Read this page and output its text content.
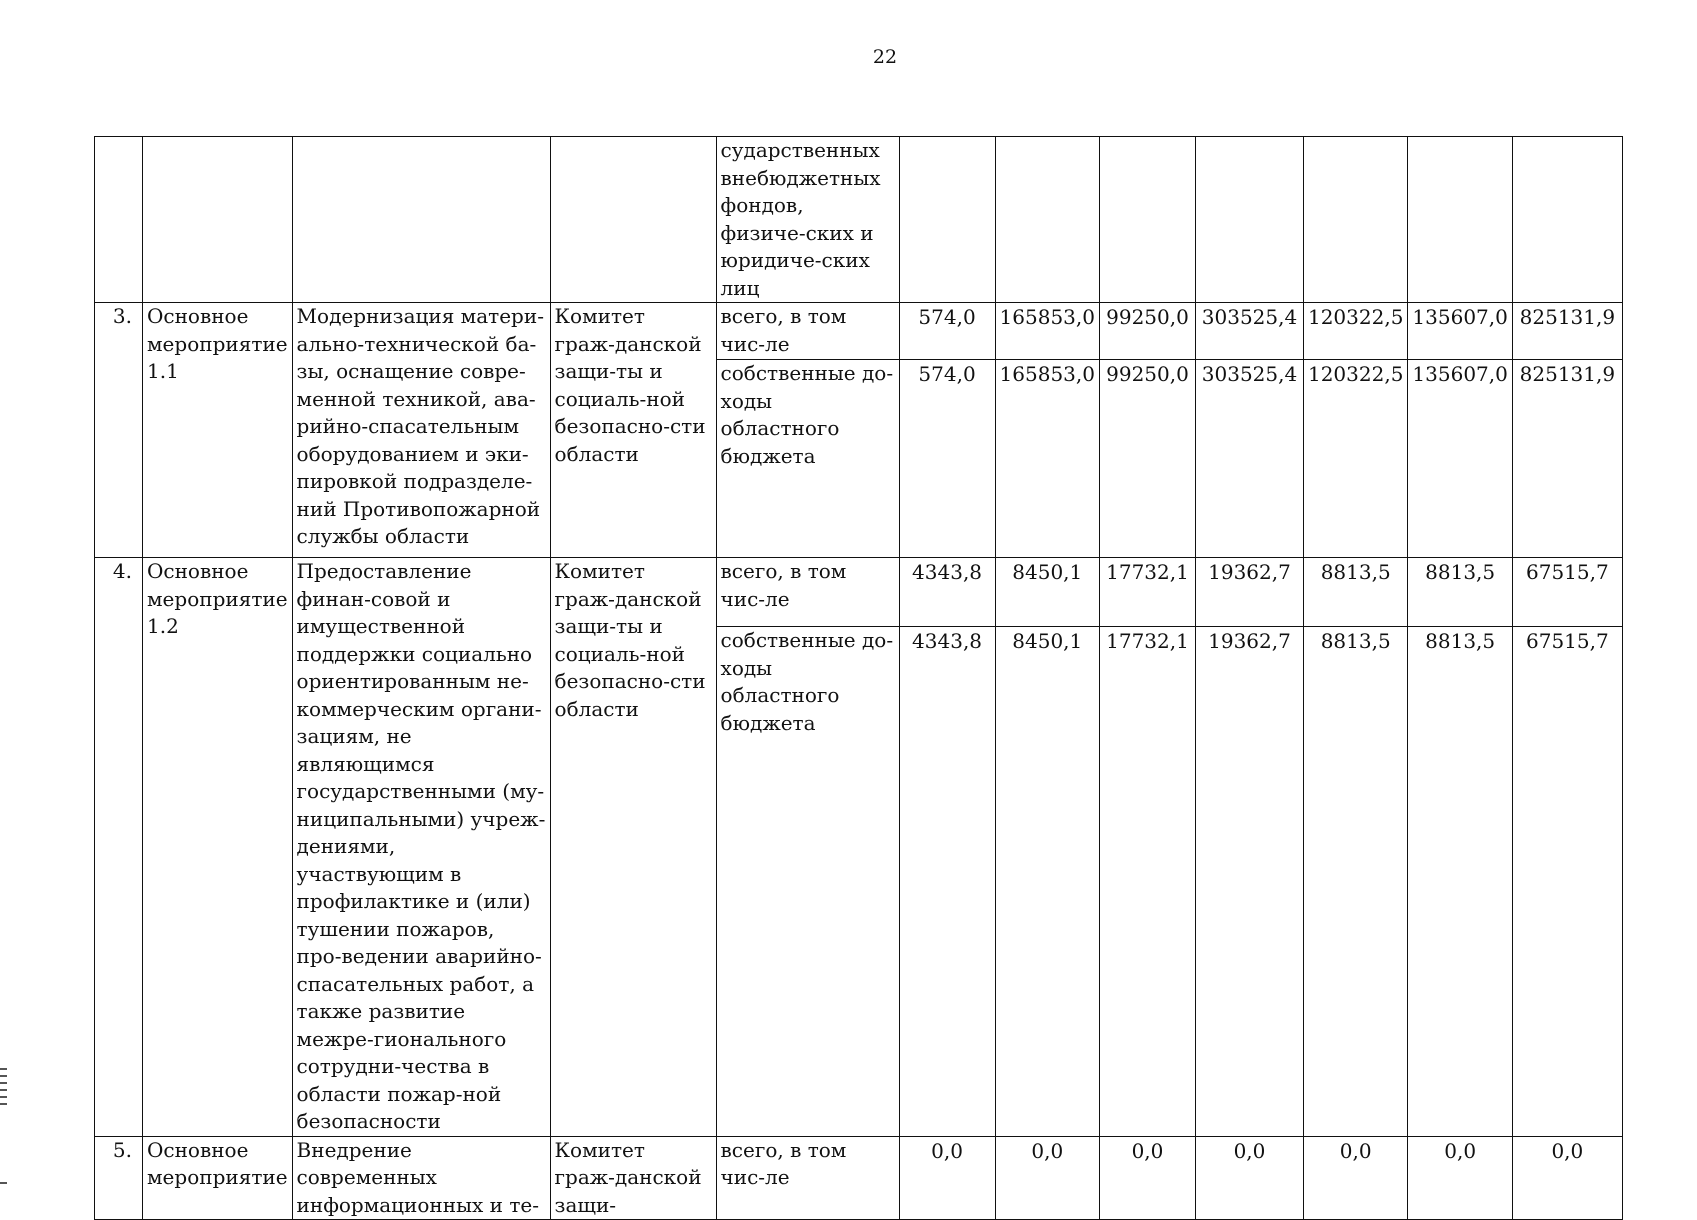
22
				сударственных внебюджетных фондов, физиче-ских и юридиче-ских лиц							
3.	Основное мероприятие 1.1	Модернизация матери-ально-технической ба-зы, оснащение совре-менной техникой, ава-рийно-спасательным оборудованием и эки-пировкой подразделе-ний Противопожарной службы области	Комитет граж-данской защи-ты и социаль-ной безопасно-сти области	всего, в том чис-ле	574,0	165853,0	99250,0	303525,4	120322,5	135607,0	825131,9
				собственные до-ходы областного бюджета	574,0	165853,0	99250,0	303525,4	120322,5	135607,0	825131,9
4.	Основное мероприятие 1.2	Предоставление финан-совой и имущественной поддержки социально ориентированным не-коммерческим органи-зациям, не являющимся государственными (му-ниципальными) учреж-дениями, участвующим в профилактике и (или) тушении пожаров, про-ведении аварийно-спасательных работ, а также развитие межре-гионального сотрудни-чества в области пожар-ной безопасности	Комитет граж-данской защи-ты и социаль-ной безопасно-сти области	всего, в том чис-ле	4343,8	8450,1	17732,1	19362,7	8813,5	8813,5	67515,7
				собственные до-ходы областного бюджета	4343,8	8450,1	17732,1	19362,7	8813,5	8813,5	67515,7
5.	Основное мероприятие	Внедрение современных информационных и те-	Комитет граж-данской защи-	всего, в том чис-ле	0,0	0,0	0,0	0,0	0,0	0,0	0,0
